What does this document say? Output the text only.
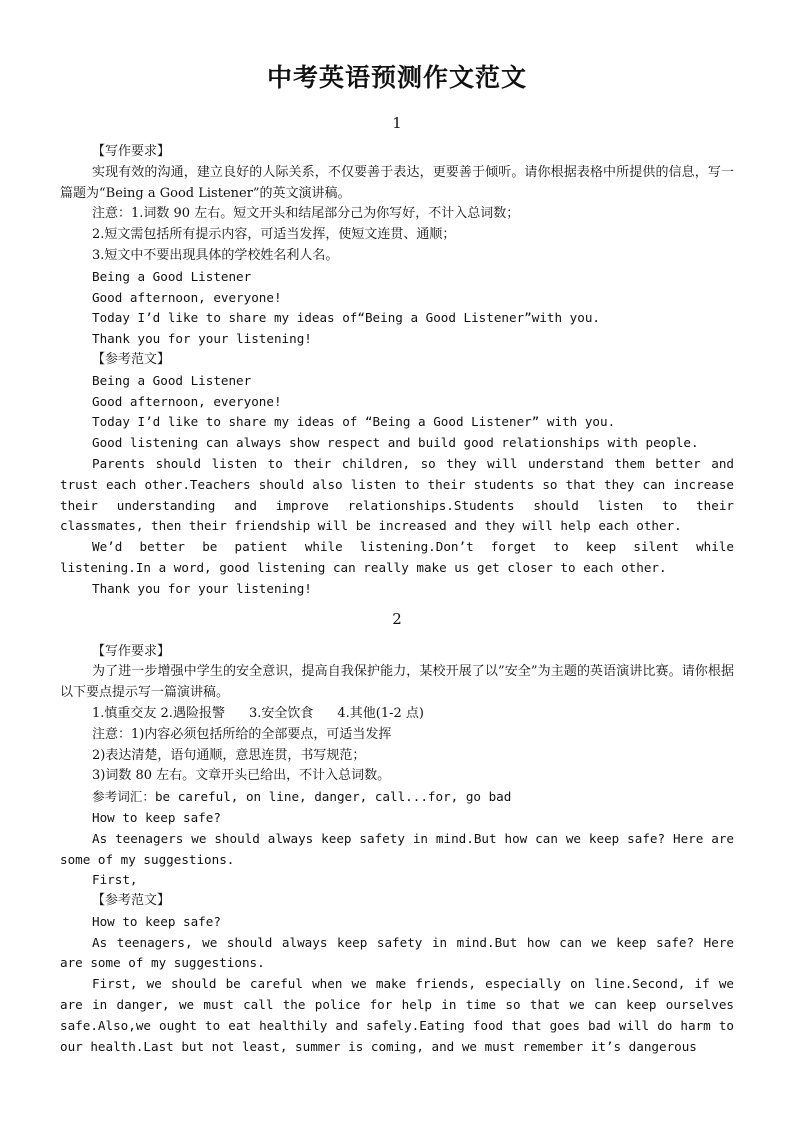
中考英语预测作文范文
1

【写作要求】

实现有效的沟通，建立良好的人际关系，不仅要善于表达，更要善于倾听。请你根据表格中所提供的信息，写一篇题为“Being a Good Listener”的英文演讲稿。

注意：1.词数 90 左右。短文开头和结尾部分己为你写好，不计入总词数；

2.短文需包括所有提示内容，可适当发挥，使短文连贯、通顺；

3.短文中不要出现具体的学校姓名利人名。

Being a Good Listener

Good afternoon, everyone!

Today I’d like to share my ideas of“Being a Good Listener”with you.

Thank you for your listening!

【参考范文】

Being a Good Listener

Good afternoon, everyone!

Today I’d like to share my ideas of “Being a Good Listener” with you.

Good listening can always show respect and build good relationships with people.

Parents should listen to their children, so they will understand them better and trust each other.Teachers should also listen to their students so that they can increase their understanding and improve relationships.Students should listen to their classmates, then their friendship will be increased and they will help each other.

We’d better be patient while listening.Don’t forget to keep silent while listening.In a word, good listening can really make us get closer to each other.

Thank you for your listening!

2

【写作要求】

为了进一步增强中学生的安全意识，提高自我保护能力，某校开展了以”安全”为主题的英语演讲比赛。请你根据以下要点提示写一篇演讲稿。

1.慎重交友 2.遇险报警 3.安全饮食 4.其他(1-2 点)

注意：1)内容必须包括所给的全部要点，可适当发挥

2)表达清楚，语句通顺，意思连贯，书写规范；

3)词数 80 左右。文章开头已给出，不计入总词数。

参考词汇：be careful, on line, danger, call...for, go bad

How to keep safe?

As teenagers we should always keep safety in mind.But how can we keep safe? Here are some of my suggestions.

First,

【参考范文】

How to keep safe?

As teenagers, we should always keep safety in mind.But how can we keep safe? Here are some of my suggestions.

First, we should be careful when we make friends, especially on line.Second, if we are in danger, we must call the police for help in time so that we can keep ourselves safe.Also,we ought to eat healthily and safely.Eating food that goes bad will do harm to our health.Last but not least, summer is coming, and we must remember it’s dangerous
